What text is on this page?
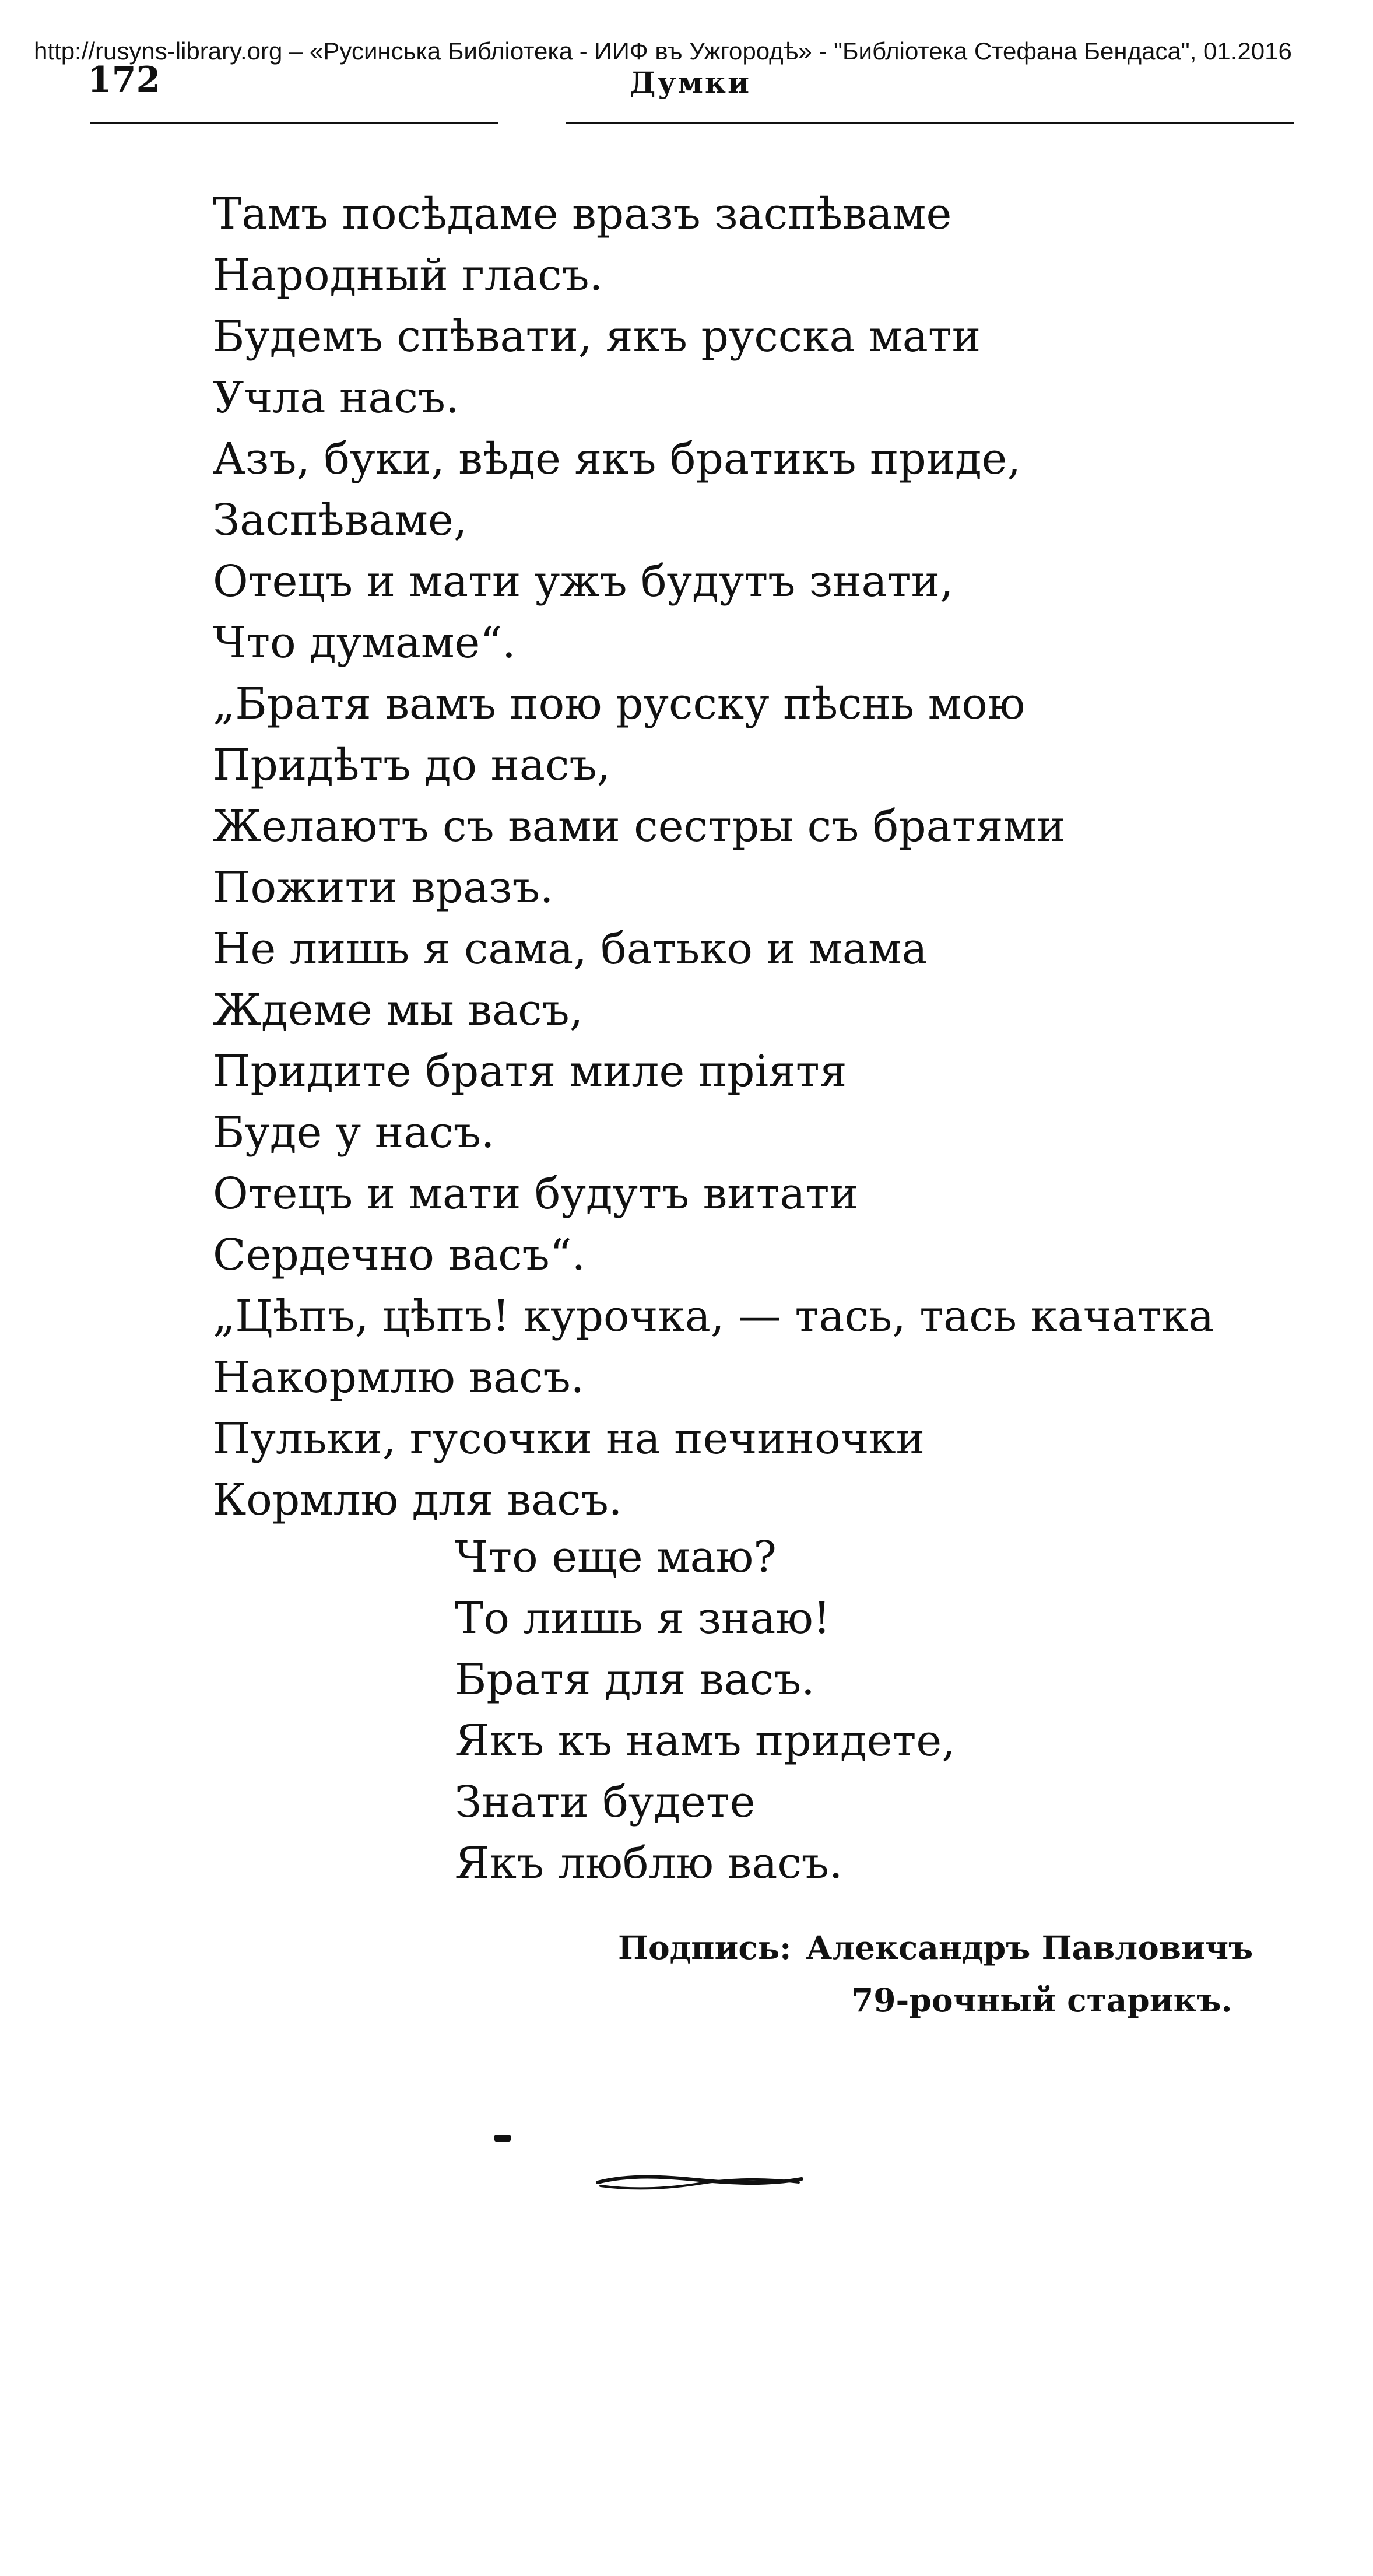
http://rusyns-library.org – «Русинська Библіотека - ИИФ въ Ужгородѣ» - "Библіотека Стефана Бендаса", 01.2016
172	Думки
Тамъ посѣдаме вразъ заспѣваме
Народный гласъ.
Будемъ спѣвати, якъ русска мати
Учла насъ.
Азъ, буки, вѣде якъ братикъ приде,
Заспѣваме,
Отецъ и мати ужъ будутъ знати,
Что думаме“.
„Братя вамъ пою русску пѣснь мою
Придѣтъ до насъ,
Желаютъ съ вами сестры съ братями
Пожити вразъ.
Не лишь я сама, батько и мама
Ждеме мы васъ,
Придите братя миле пріятя
Буде у насъ.
Отецъ и мати будутъ витати
Сердечно васъ“.
„Цѣпъ, цѣпъ! курочка, — тась, тась качатка
Накормлю васъ.
Пульки, гусочки на печиночки
Кормлю для васъ.
Что еще маю?
То лишь я знаю!
Братя для васъ.
Якъ къ намъ придете,
Знати будете
Якъ люблю васъ.
Подпись: Александръ Павловичъ
79-рочный старикъ.
